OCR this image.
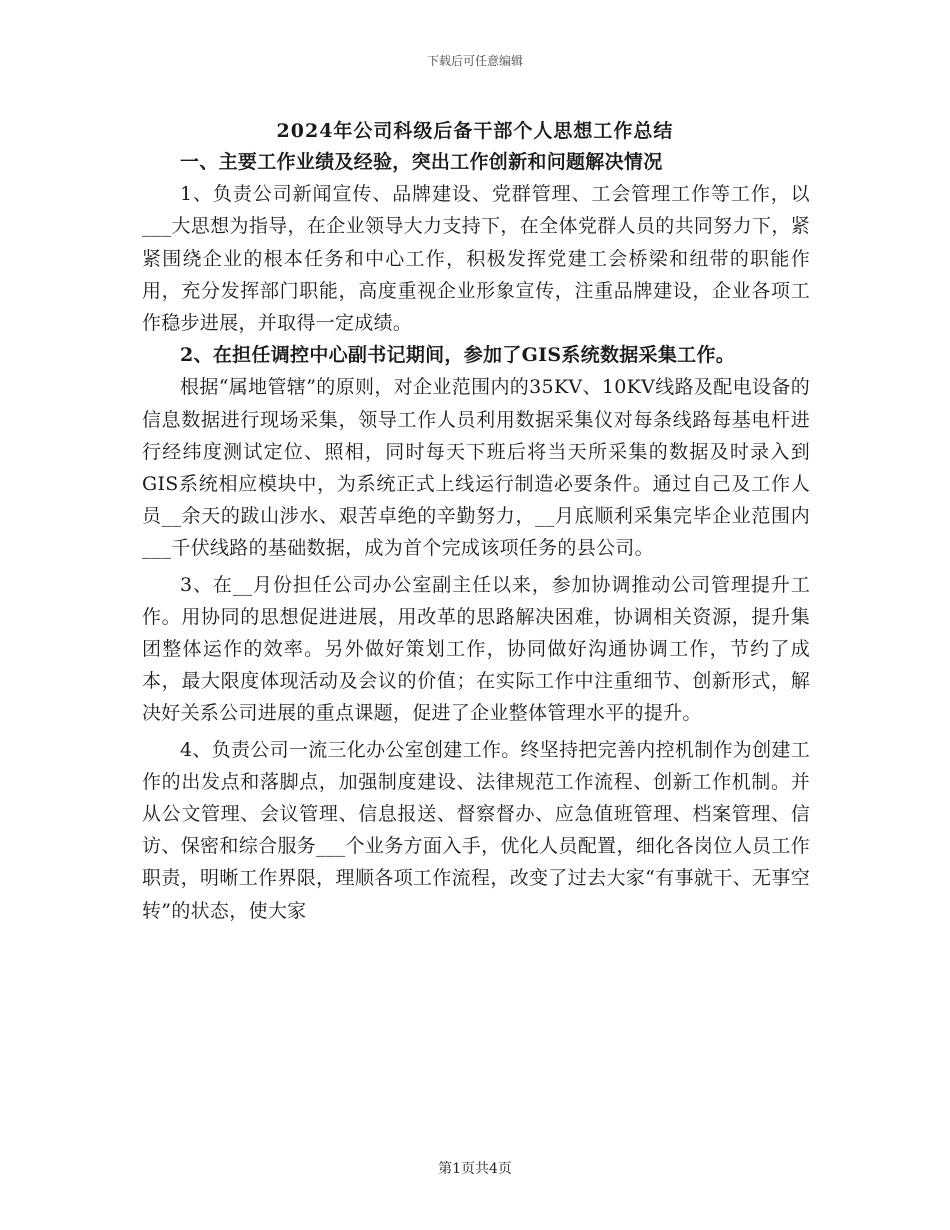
下载后可任意编辑
2024年公司科级后备干部个人思想工作总结

一、主要工作业绩及经验，突出工作创新和问题解决情况

1、负责公司新闻宣传、品牌建设、党群管理、工会管理工作等工作，以___大思想为指导，在企业领导大力支持下，在全体党群人员的共同努力下，紧紧围绕企业的根本任务和中心工作，积极发挥党建工会桥梁和纽带的职能作用，充分发挥部门职能，高度重视企业形象宣传，注重品牌建设，企业各项工作稳步进展，并取得一定成绩。

2、在担任调控中心副书记期间，参加了GIS系统数据采集工作。

根据“属地管辖”的原则，对企业范围内的35KV、10KV线路及配电设备的信息数据进行现场采集，领导工作人员利用数据采集仪对每条线路每基电杆进行经纬度测试定位、照相，同时每天下班后将当天所采集的数据及时录入到GIS系统相应模块中，为系统正式上线运行制造必要条件。通过自己及工作人员__余天的跋山涉水、艰苦卓绝的辛勤努力，__月底顺利采集完毕企业范围内___千伏线路的基础数据，成为首个完成该项任务的县公司。

3、在__月份担任公司办公室副主任以来，参加协调推动公司管理提升工作。用协同的思想促进进展，用改革的思路解决困难，协调相关资源，提升集团整体运作的效率。另外做好策划工作，协同做好沟通协调工作，节约了成本，最大限度体现活动及会议的价值；在实际工作中注重细节、创新形式，解决好关系公司进展的重点课题，促进了企业整体管理水平的提升。

4、负责公司一流三化办公室创建工作。终坚持把完善内控机制作为创建工作的出发点和落脚点，加强制度建设、法律规范工作流程、创新工作机制。并从公文管理、会议管理、信息报送、督察督办、应急值班管理、档案管理、信访、保密和综合服务___个业务方面入手，优化人员配置，细化各岗位人员工作职责，明晰工作界限，理顺各项工作流程，改变了过去大家“有事就干、无事空转”的状态，使大家

第1页共4页
